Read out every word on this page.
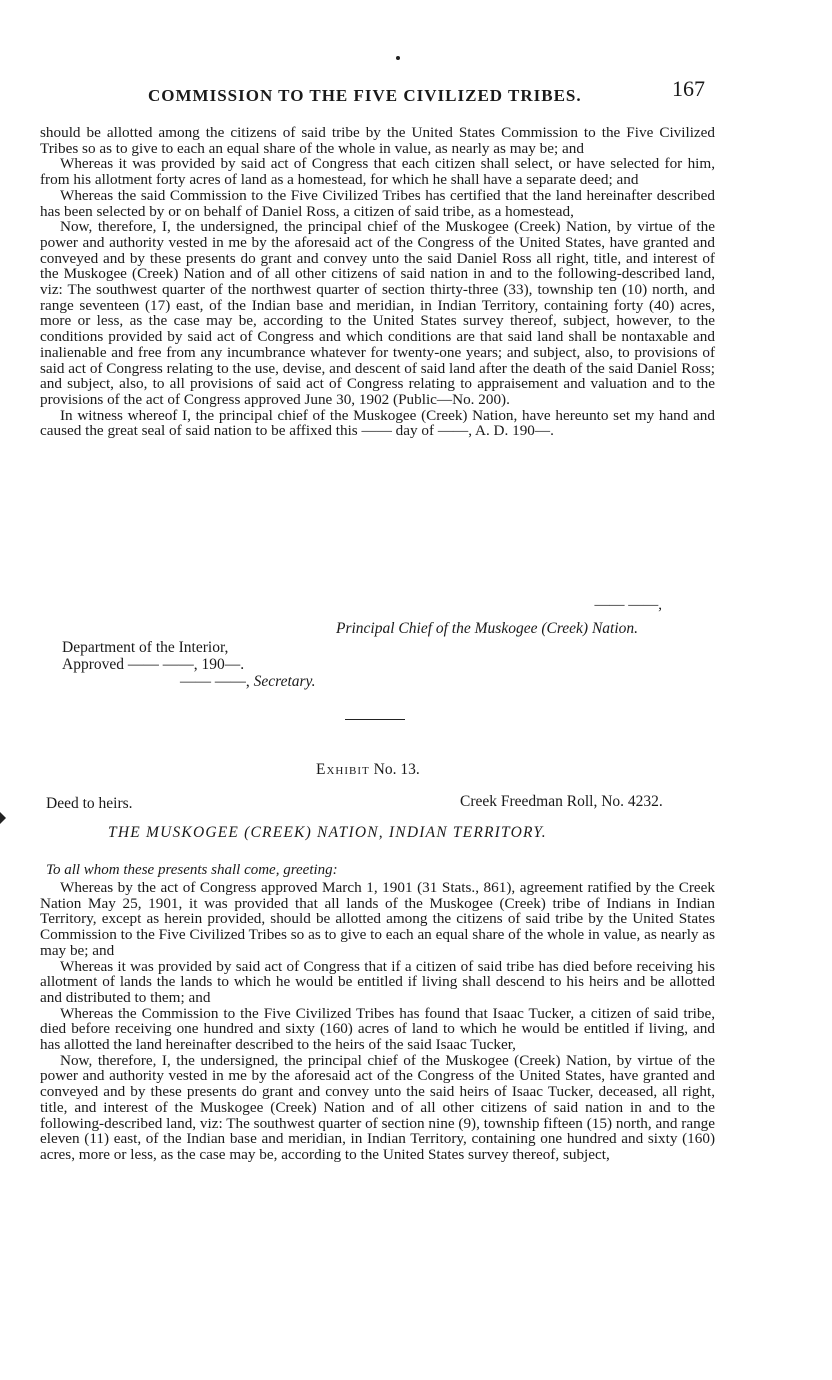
COMMISSION TO THE FIVE CIVILIZED TRIBES.	167

should be allotted among the citizens of said tribe by the United States Commission to the Five Civilized Tribes so as to give to each an equal share of the whole in value, as nearly as may be; and

Whereas it was provided by said act of Congress that each citizen shall select, or have selected for him, from his allotment forty acres of land as a homestead, for which he shall have a separate deed; and

Whereas the said Commission to the Five Civilized Tribes has certified that the land hereinafter described has been selected by or on behalf of Daniel Ross, a citizen of said tribe, as a homestead,

Now, therefore, I, the undersigned, the principal chief of the Muskogee (Creek) Nation, by virtue of the power and authority vested in me by the aforesaid act of the Congress of the United States, have granted and conveyed and by these presents do grant and convey unto the said Daniel Ross all right, title, and interest of the Muskogee (Creek) Nation and of all other citizens of said nation in and to the following-described land, viz: The southwest quarter of the northwest quarter of section thirty-three (33), township ten (10) north, and range seventeen (17) east, of the Indian base and meridian, in Indian Territory, containing forty (40) acres, more or less, as the case may be, according to the United States survey thereof, subject, however, to the conditions provided by said act of Congress and which conditions are that said land shall be nontaxable and inalienable and free from any incumbrance whatever for twenty-one years; and subject, also, to provisions of said act of Congress relating to the use, devise, and descent of said land after the death of the said Daniel Ross; and subject, also, to all provisions of said act of Congress relating to appraisement and valuation and to the provisions of the act of Congress approved June 30, 1902 (Public—No. 200).

In witness whereof I, the principal chief of the Muskogee (Creek) Nation, have hereunto set my hand and caused the great seal of said nation to be affixed this —— day of ——, A. D. 190—.

—— ——,
Principal Chief of the Muskogee (Creek) Nation.
Department of the Interior,
Approved —— ——, 190—.
—— ——, Secretary.
Exhibit No. 13.
Deed to heirs.	Creek Freedman Roll, No. 4232.
THE MUSKOGEE (CREEK) NATION, INDIAN TERRITORY.
To all whom these presents shall come, greeting:

Whereas by the act of Congress approved March 1, 1901 (31 Stats., 861), agreement ratified by the Creek Nation May 25, 1901, it was provided that all lands of the Muskogee (Creek) tribe of Indians in Indian Territory, except as herein provided, should be allotted among the citizens of said tribe by the United States Commission to the Five Civilized Tribes so as to give to each an equal share of the whole in value, as nearly as may be; and

Whereas it was provided by said act of Congress that if a citizen of said tribe has died before receiving his allotment of lands the lands to which he would be entitled if living shall descend to his heirs and be allotted and distributed to them; and

Whereas the Commission to the Five Civilized Tribes has found that Isaac Tucker, a citizen of said tribe, died before receiving one hundred and sixty (160) acres of land to which he would be entitled if living, and has allotted the land hereinafter described to the heirs of the said Isaac Tucker,

Now, therefore, I, the undersigned, the principal chief of the Muskogee (Creek) Nation, by virtue of the power and authority vested in me by the aforesaid act of the Congress of the United States, have granted and conveyed and by these presents do grant and convey unto the said heirs of Isaac Tucker, deceased, all right, title, and interest of the Muskogee (Creek) Nation and of all other citizens of said nation in and to the following-described land, viz: The southwest quarter of section nine (9), township fifteen (15) north, and range eleven (11) east, of the Indian base and meridian, in Indian Territory, containing one hundred and sixty (160) acres, more or less, as the case may be, according to the United States survey thereof, subject,
